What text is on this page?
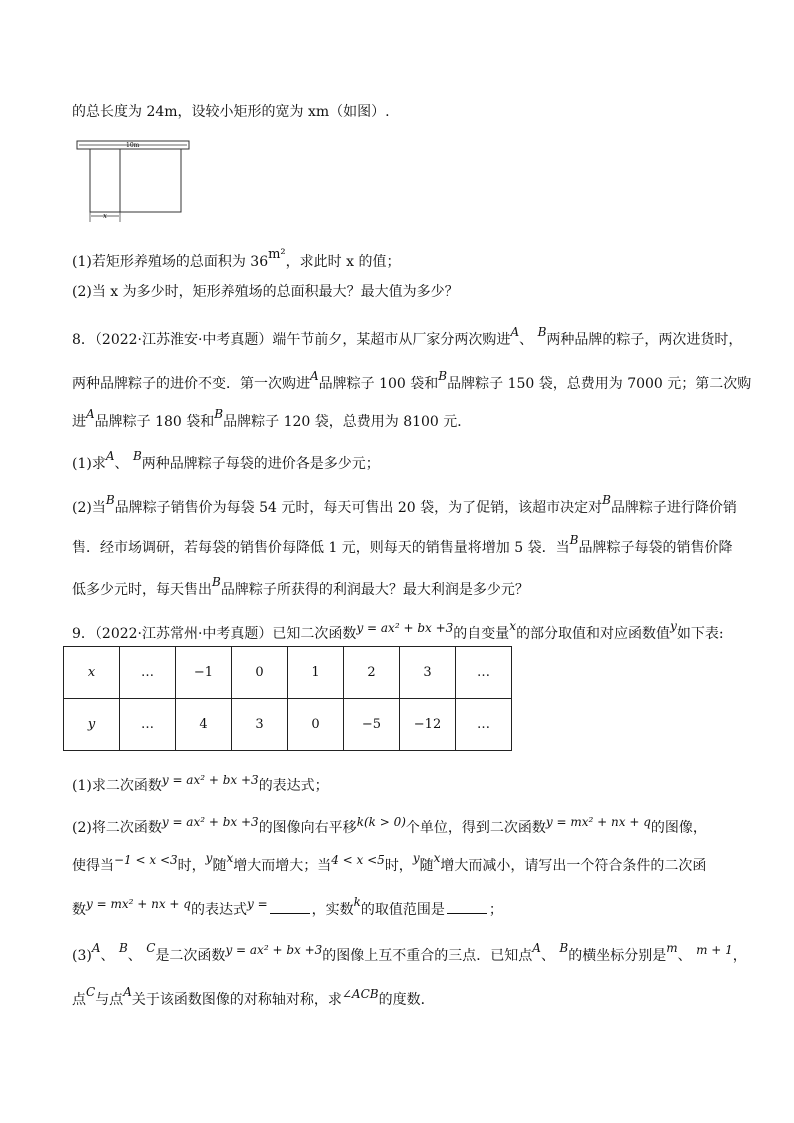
的总长度为 24m，设较小矩形的宽为 xm（如图）.
10m
x
(1)若矩形养殖场的总面积为 36m²，求此时 x 的值；
(2)当 x 为多少时，矩形养殖场的总面积最大？最大值为多少？
8．（2022·江苏淮安·中考真题）端午节前夕，某超市从厂家分两次购进A、 B两种品牌的粽子，两次进货时，
两种品牌粽子的进价不变．第一次购进A品牌粽子 100 袋和B品牌粽子 150 袋，总费用为 7000 元；第二次购
进A品牌粽子 180 袋和B品牌粽子 120 袋，总费用为 8100 元．
(1)求A、 B两种品牌粽子每袋的进价各是多少元；
(2)当B品牌粽子销售价为每袋 54 元时，每天可售出 20 袋，为了促销，该超市决定对B品牌粽子进行降价销
售．经市场调研，若每袋的销售价每降低 1 元，则每天的销售量将增加 5 袋．当B品牌粽子每袋的销售价降
低多少元时，每天售出B品牌粽子所获得的利润最大？最大利润是多少元？
9．（2022·江苏常州·中考真题）已知二次函数y = ax² + bx +3的自变量x的部分取值和对应函数值y如下表:
x	…	−1	0	1	2	3	…
y	…	4	3	0	−5	−12	…
(1)求二次函数y = ax² + bx +3的表达式；
(2)将二次函数y = ax² + bx +3的图像向右平移k(k > 0)个单位，得到二次函数y = mx² + nx + q的图像，
使得当−1 < x <3时，y随x增大而增大；当4 < x <5时，y随x增大而减小，请写出一个符合条件的二次函
数y = mx² + nx + q的表达式y =	，实数k的取值范围是	；
(3)A、 B、 C是二次函数y = ax² + bx +3的图像上互不重合的三点．已知点A、 B的横坐标分别是m、 m + 1，
点C与点A关于该函数图像的对称轴对称，求∠ACB的度数．
